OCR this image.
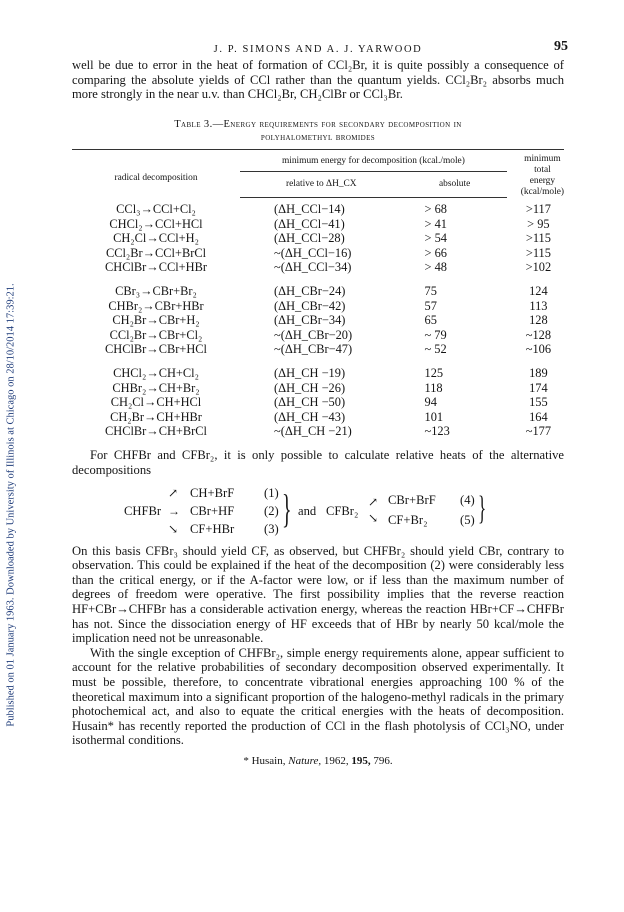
Published on 01 January 1963. Downloaded by University of Illinois at Chicago on 28/10/2014 17:39:21.
J. P. SIMONS AND A. J. YARWOOD	95

well be due to error in the heat of formation of CCl₂Br, it is quite possibly a consequence of comparing the absolute yields of CCl rather than the quantum yields. CCl₂Br₂ absorbs much more strongly in the near u.v. than CHCl₂Br, CH₂ClBr or CCl₃Br.

Table 3.—Energy requirements for secondary decomposition in
polyhalomethyl bromides
radical decomposition	minimum energy for decomposition (kcal./mole)		minimum total energy (kcal/mole)
	relative to ΔH_CX	absolute	
CCl₃→CCl+Cl₂	(ΔH_CCl−14)	> 68	>117
CHCl₂→CCl+HCl	(ΔH_CCl−41)	> 41	> 95
CH₂Cl→CCl+H₂	(ΔH_CCl−28)	> 54	>115
CCl₂Br→CCl+BrCl	~(ΔH_CCl−16)	> 66	>115
CHClBr→CCl+HBr	~(ΔH_CCl−34)	> 48	>102
CBr₃→CBr+Br₂	(ΔH_CBr−24)	75	124
CHBr₂→CBr+HBr	(ΔH_CBr−42)	57	113
CH₂Br→CBr+H₂	(ΔH_CBr−34)	65	128
CCl₂Br→CBr+Cl₂	~(ΔH_CBr−20)	~ 79	~128
CHClBr→CBr+HCl	~(ΔH_CBr−47)	~ 52	~106
CHCl₂→CH+Cl₂	(ΔH_CH −19)	125	189
CHBr₂→CH+Br₂	(ΔH_CH −26)	118	174
CH₂Cl→CH+HCl	(ΔH_CH −50)	94	155
CH₂Br→CH+HBr	(ΔH_CH −43)	101	164
CHClBr→CH+BrCl	~(ΔH_CH −21)	~123	~177

For CHFBr and CFBr₂, it is only possible to calculate relative heats of the alternative decompositions

CHFBr
↗
→
↘
CH+BrF
CBr+HF
CF+HBr
(1)
(2)
(3) } and CFBr₂
↗
↘
CBr+BrF
CF+Br₂
(4)
(5) }

On this basis CFBr₃ should yield CF, as observed, but CHFBr₂ should yield CBr, contrary to observation. This could be explained if the heat of the decomposition (2) were considerably less than the critical energy, or if the A-factor were low, or if less than the maximum number of degrees of freedom were operative. The first possibility implies that the reverse reaction HF+CBr→CHFBr has a considerable activation energy, whereas the reaction HBr+CF→CHFBr has not. Since the dissociation energy of HF exceeds that of HBr by nearly 50 kcal/mole the implication need not be unreasonable.

With the single exception of CHFBr₂, simple energy requirements alone, appear sufficient to account for the relative probabilities of secondary decomposition observed experimentally. It must be possible, therefore, to concentrate vibrational energies approaching 100 % of the theoretical maximum into a significant proportion of the halogeno-methyl radicals in the primary photochemical act, and also to equate the critical energies with the heats of decomposition. Husain* has recently reported the production of CCl in the flash photolysis of CCl₃NO, under isothermal conditions.

* Husain, Nature, 1962, 195, 796.
